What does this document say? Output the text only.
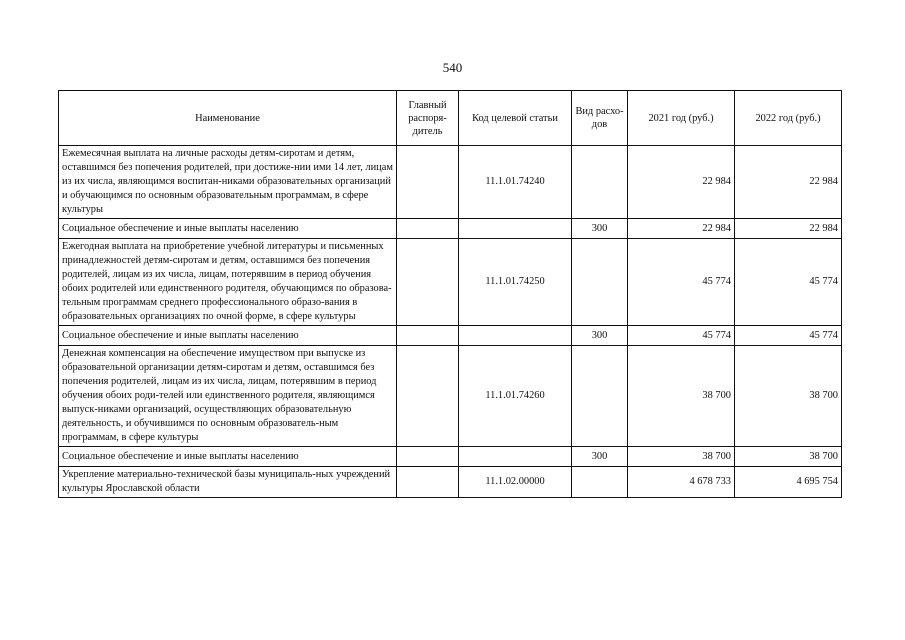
540
Наименование	Главный распоря-дитель	Код целевой статьи	Вид расхо-дов	2021 год (руб.)	2022 год (руб.)
Ежемесячная выплата на личные расходы детям-сиротам и детям, оставшимся без попечения родителей, при достиже-нии ими 14 лет, лицам из их числа, являющимся воспитан-никами образовательных организаций и обучающимся по основным образовательным программам, в сфере культуры		11.1.01.74240		22 984	22 984
Социальное обеспечение и иные выплаты населению			300	22 984	22 984
Ежегодная выплата на приобретение учебной литературы и письменных принадлежностей детям-сиротам и детям, оставшимся без попечения родителей, лицам из их числа, лицам, потерявшим в период обучения обоих родителей или единственного родителя, обучающимся по образова-тельным программам среднего профессионального образо-вания в образовательных организациях по очной форме, в сфере культуры		11.1.01.74250		45 774	45 774
Социальное обеспечение и иные выплаты населению			300	45 774	45 774
Денежная компенсация на обеспечение имуществом при выпуске из образовательной организации детям-сиротам и детям, оставшимся без попечения родителей, лицам из их числа, лицам, потерявшим в период обучения обоих роди-телей или единственного родителя, являющимся выпуск-никами организаций, осуществляющих образовательную деятельность, и обучившимся по основным образователь-ным программам, в сфере культуры		11.1.01.74260		38 700	38 700
Социальное обеспечение и иные выплаты населению			300	38 700	38 700
Укрепление материально-технической базы муниципаль-ных учреждений культуры Ярославской области		11.1.02.00000		4 678 733	4 695 754
